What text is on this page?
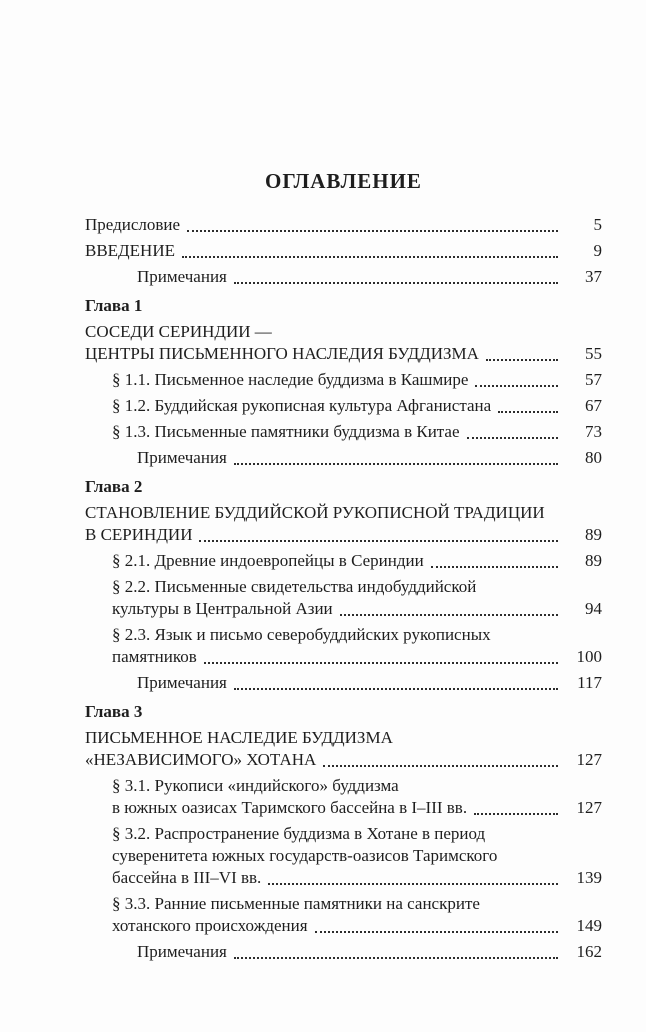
ОГЛАВЛЕНИЕ
Предисловие	5
ВВЕДЕНИЕ	9
Примечания	37
Глава 1
СОСЕДИ СЕРИНДИИ —
ЦЕНТРЫ ПИСЬМЕННОГО НАСЛЕДИЯ БУДДИЗМА	55
§ 1.1. Письменное наследие буддизма в Кашмире	57
§ 1.2. Буддийская рукописная культура Афганистана	67
§ 1.3. Письменные памятники буддизма в Китае	73
Примечания	80
Глава 2
СТАНОВЛЕНИЕ БУДДИЙСКОЙ РУКОПИСНОЙ ТРАДИЦИИ
В СЕРИНДИИ	89
§ 2.1. Древние индоевропейцы в Сериндии	89
§ 2.2. Письменные свидетельства индобуддийской
культуры в Центральной Азии	94
§ 2.3. Язык и письмо северобуддийских рукописных
памятников	100
Примечания	117
Глава 3
ПИСЬМЕННОЕ НАСЛЕДИЕ БУДДИЗМА
«НЕЗАВИСИМОГО» ХОТАНА	127
§ 3.1. Рукописи «индийского» буддизма
в южных оазисах Таримского бассейна в I–III вв.	127
§ 3.2. Распространение буддизма в Хотане в период
суверенитета южных государств-оазисов Таримского
бассейна в III–VI вв.	139
§ 3.3. Ранние письменные памятники на санскрите
хотанского происхождения	149
Примечания	162
